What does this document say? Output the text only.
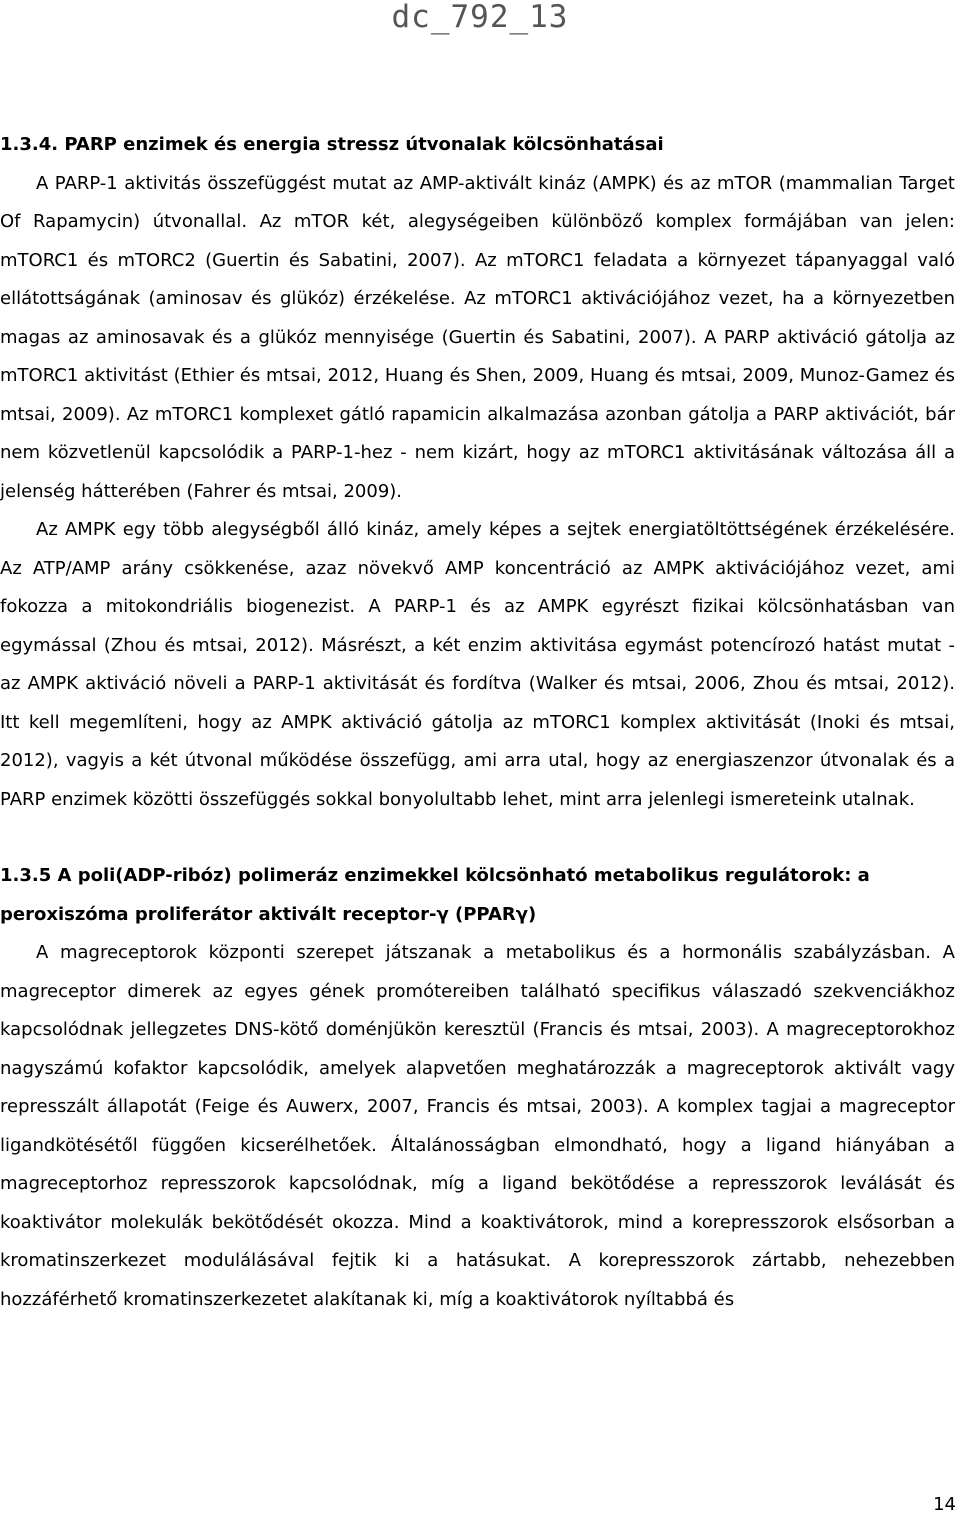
dc_792_13

1.3.4. PARP enzimek és energia stressz útvonalak kölcsönhatásai

A PARP-1 aktivitás összefüggést mutat az AMP-aktivált kináz (AMPK) és az mTOR (mammalian Target Of Rapamycin) útvonallal. Az mTOR két, alegységeiben különböző komplex formájában van jelen: mTORC1 és mTORC2 (Guertin és Sabatini, 2007). Az mTORC1 feladata a környezet tápanyaggal való ellátottságának (aminosav és glükóz) érzékelése. Az mTORC1 aktivációjához vezet, ha a környezetben magas az aminosavak és a glükóz mennyisége (Guertin és Sabatini, 2007). A PARP aktiváció gátolja az mTORC1 aktivitást (Ethier és mtsai, 2012, Huang és Shen, 2009, Huang és mtsai, 2009, Munoz-Gamez és mtsai, 2009). Az mTORC1 komplexet gátló rapamicin alkalmazása azonban gátolja a PARP aktivációt, bár nem közvetlenül kapcsolódik a PARP-1-hez - nem kizárt, hogy az mTORC1 aktivitásának változása áll a jelenség hátterében (Fahrer és mtsai, 2009).

Az AMPK egy több alegységből álló kináz, amely képes a sejtek energiatöltöttségének érzékelésére. Az ATP/AMP arány csökkenése, azaz növekvő AMP koncentráció az AMPK aktivációjához vezet, ami fokozza a mitokondriális biogenezist. A PARP-1 és az AMPK egyrészt fizikai kölcsönhatásban van egymással (Zhou és mtsai, 2012). Másrészt, a két enzim aktivitása egymást potencírozó hatást mutat - az AMPK aktiváció növeli a PARP-1 aktivitását és fordítva (Walker és mtsai, 2006, Zhou és mtsai, 2012). Itt kell megemlíteni, hogy az AMPK aktiváció gátolja az mTORC1 komplex aktivitását (Inoki és mtsai, 2012), vagyis a két útvonal működése összefügg, ami arra utal, hogy az energiaszenzor útvonalak és a PARP enzimek közötti összefüggés sokkal bonyolultabb lehet, mint arra jelenlegi ismereteink utalnak.

1.3.5 A poli(ADP-ribóz) polimeráz enzimekkel kölcsönható metabolikus regulátorok: a peroxiszóma proliferátor aktivált receptor-γ (PPARγ)

A magreceptorok központi szerepet játszanak a metabolikus és a hormonális szabályzásban. A magreceptor dimerek az egyes gének promótereiben található specifikus válaszadó szekvenciákhoz kapcsolódnak jellegzetes DNS-kötő doménjükön keresztül (Francis és mtsai, 2003). A magreceptorokhoz nagyszámú kofaktor kapcsolódik, amelyek alapvetően meghatározzák a magreceptorok aktivált vagy represszált állapotát (Feige és Auwerx, 2007, Francis és mtsai, 2003). A komplex tagjai a magreceptor ligandkötésétől függően kicserélhetőek. Általánosságban elmondható, hogy a ligand hiányában a magreceptorhoz represszorok kapcsolódnak, míg a ligand bekötődése a represszorok leválását és koaktivátor molekulák bekötődését okozza. Mind a koaktivátorok, mind a korepresszorok elsősorban a kromatinszerkezet modulálásával fejtik ki a hatásukat. A korepresszorok zártabb, nehezebben hozzáférhető kromatinszerkezetet alakítanak ki, míg a koaktivátorok nyíltabbá és

14
